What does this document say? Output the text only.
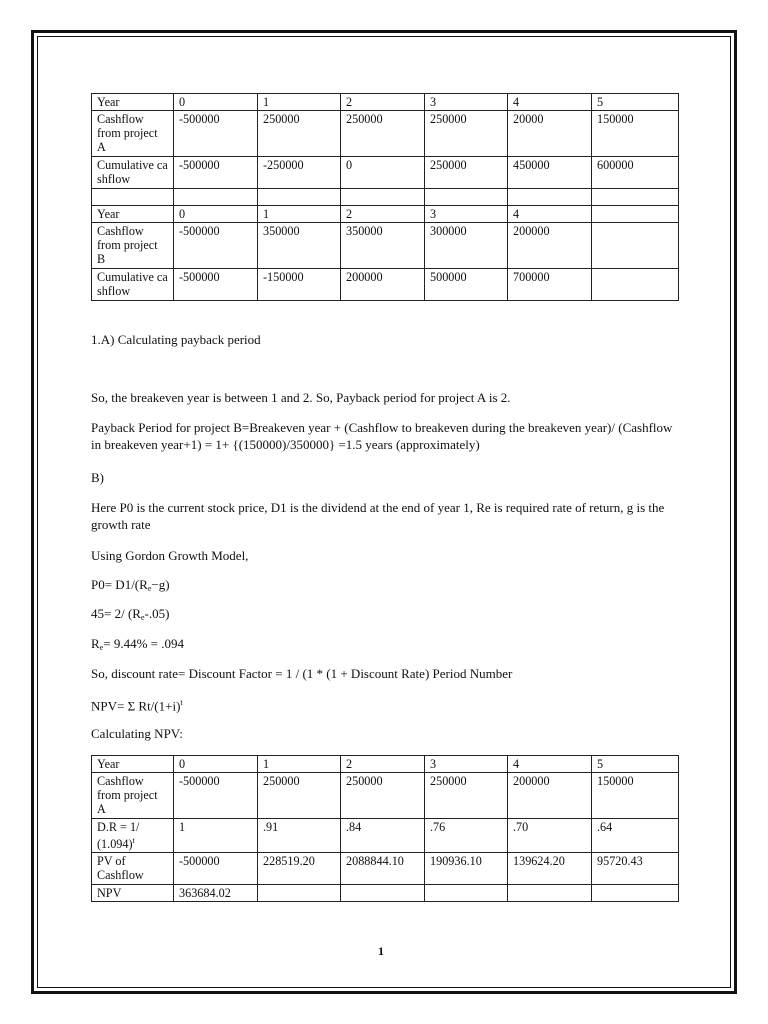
Year	0	1	2	3	4	5
Cashflow from project A	-500000	250000	250000	250000	20000	150000
Cumulative cashflow	-500000	-250000	0	250000	450000	600000

Year	0	1	2	3	4	
Cashflow from project B	-500000	350000	350000	300000	200000	
Cumulative cashflow	-500000	-150000	200000	500000	700000	
1.A) Calculating payback period
So, the breakeven year is between 1 and 2. So, Payback period for project A is 2.
Payback Period for project B=Breakeven year + (Cashflow to breakeven during the breakeven year)/ (Cashflow in breakeven year+1) = 1+ {(150000)/350000} =1.5 years (approximately)
B)
Here P0 is the current stock price, D1 is the dividend at the end of year 1, Re is required rate of return, g is the growth rate
Using Gordon Growth Model,
$P0= D1/(R_e-g)$
45= 2/ $(R_e-.05)$
$R_e= 9.44\% = .094$
So, discount rate= Discount Factor = 1 / (1 * (1 + Discount Rate) Period Number
NPV= Σ $Rt/(1+i)^t$
Calculating NPV:
Year	0	1	2	3	4	5
Cashflow from project A	-500000	250000	250000	250000	200000	150000
D.R = 1/ $(1.094)^t$	1	.91	.84	.76	.70	.64
PV of Cashflow	-500000	228519.20	2088844.10	190936.10	139624.20	95720.43
NPV	363684.02					
1
